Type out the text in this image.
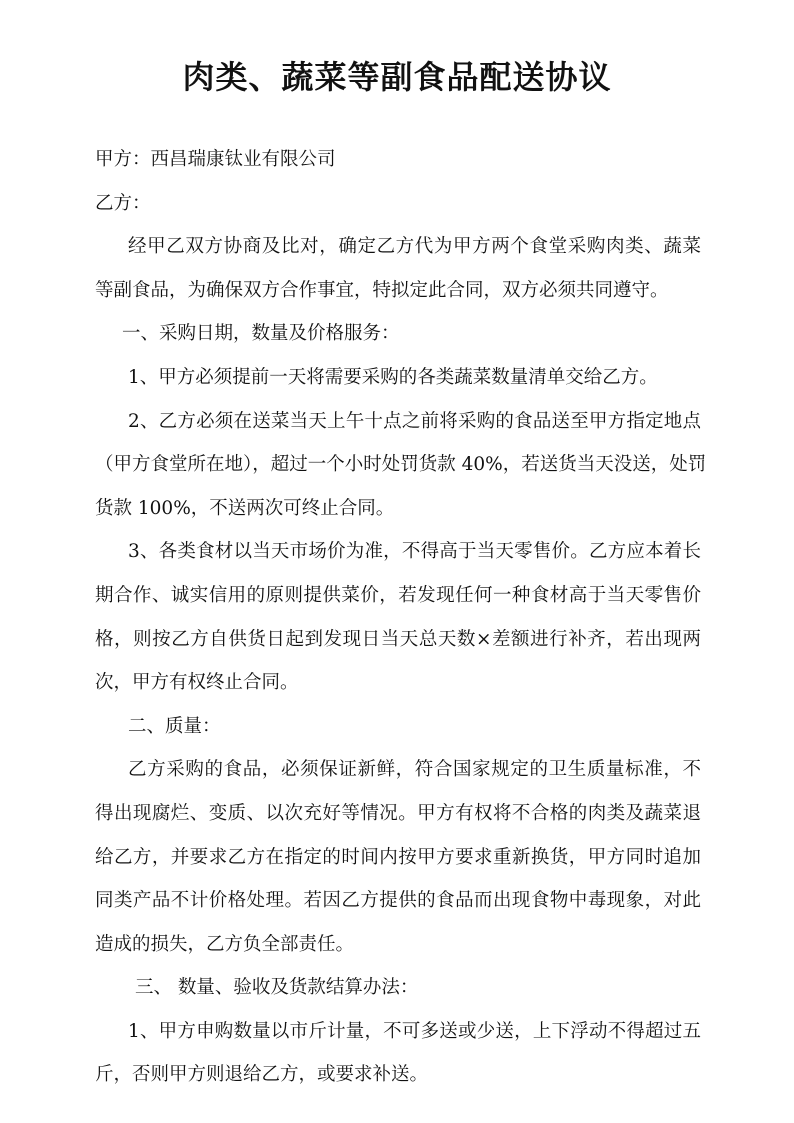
肉类、蔬菜等副食品配送协议
甲方：西昌瑞康钛业有限公司
乙方：
经甲乙双方协商及比对，确定乙方代为甲方两个食堂采购肉类、蔬菜
等副食品，为确保双方合作事宜，特拟定此合同，双方必须共同遵守。
一、采购日期，数量及价格服务：
1、甲方必须提前一天将需要采购的各类蔬菜数量清单交给乙方。
2、乙方必须在送菜当天上午十点之前将采购的食品送至甲方指定地点
（甲方食堂所在地），超过一个小时处罚货款 40%，若送货当天没送，处罚
货款 100%，不送两次可终止合同。
3、各类食材以当天市场价为准，不得高于当天零售价。乙方应本着长
期合作、诚实信用的原则提供菜价，若发现任何一种食材高于当天零售价
格，则按乙方自供货日起到发现日当天总天数×差额进行补齐，若出现两
次，甲方有权终止合同。
二、质量：
乙方采购的食品，必须保证新鲜，符合国家规定的卫生质量标准，不
得出现腐烂、变质、以次充好等情况。甲方有权将不合格的肉类及蔬菜退
给乙方，并要求乙方在指定的时间内按甲方要求重新换货，甲方同时追加
同类产品不计价格处理。若因乙方提供的食品而出现食物中毒现象，对此
造成的损失，乙方负全部责任。
三、 数量、验收及货款结算办法：
1、甲方申购数量以市斤计量，不可多送或少送，上下浮动不得超过五
斤，否则甲方则退给乙方，或要求补送。
